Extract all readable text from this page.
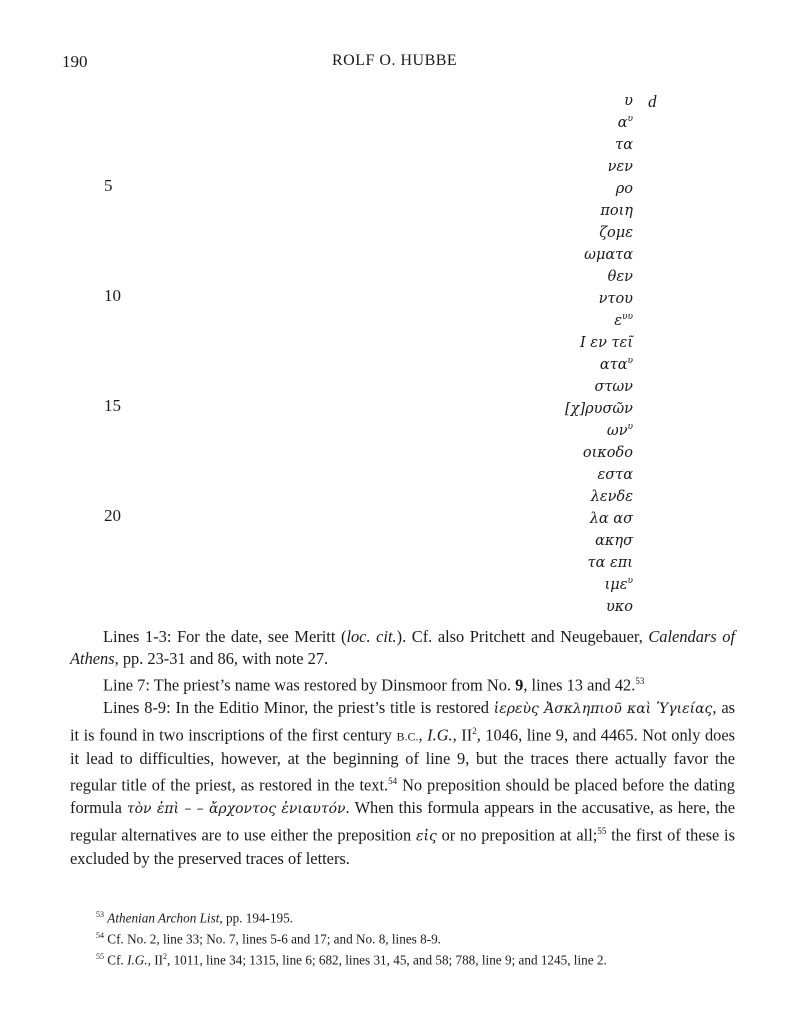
190	ROLF O. HUBBE
d
5
10
15
20
υ
$\alpha^\upsilon$
τα
νεν
ρο
ποιη
ζομε
ωματα
θεν
ντου
$\varepsilon^{\upsilon\upsilon}$
Ι εν τεῖ
ατα$^\upsilon$
στων
[χ]ρυσῶν
$\omega\nu^\upsilon$
οικοδο
εστα
λενδε
λα ασ
ακησ
τα επι
ιμε$^\upsilon$
υκο

Lines 1-3: For the date, see Meritt (loc. cit.). Cf. also Pritchett and Neugebauer, Calendars of Athens, pp. 23-31 and 86, with note 27.

Line 7: The priest’s name was restored by Dinsmoor from No. 9, lines 13 and 42.53

Lines 8-9: In the Editio Minor, the priest’s title is restored ἱερεὺς Ἀσκληπιοῦ καὶ Ὑγιείας, as it is found in two inscriptions of the first century B.C., I.G., $II^2$, 1046, line 9, and 4465. Not only does it lead to difficulties, however, at the beginning of line 9, but the traces there actually favor the regular title of the priest, as restored in the text.$^{54}$ No preposition should be placed before the dating formula τὸν ἐπὶ – – ἄρχοντος ἐνιαυτόν. When this formula appears in the accusative, as here, the regular alternatives are to use either the preposition εἰς or no preposition at all;$^{55}$ the first of these is excluded by the preserved traces of letters.

$^{53}$ Athenian Archon List, pp. 194-195.
$^{54}$ Cf. No. 2, line 33; No. 7, lines 5-6 and 17; and No. 8, lines 8-9.
$^{55}$ Cf. I.G., $II^2$, 1011, line 34; 1315, line 6; 682, lines 31, 45, and 58; 788, line 9; and 1245, line 2.
